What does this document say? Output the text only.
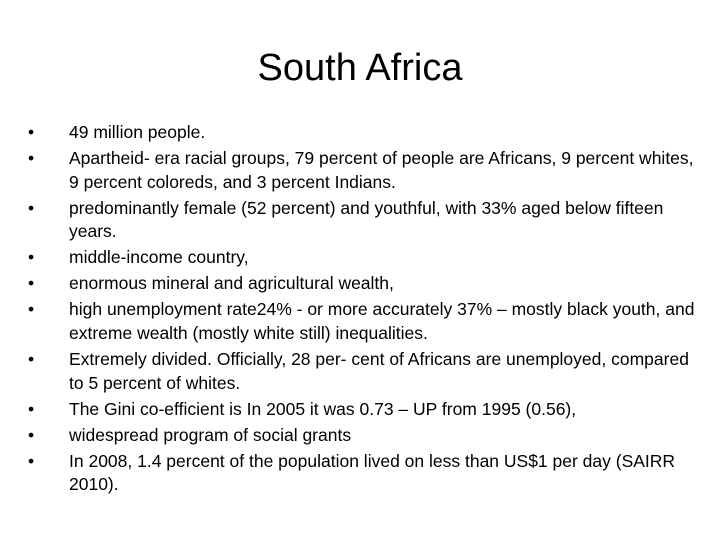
South Africa
•	49 million people.
•	Apartheid- era racial groups, 79 percent of people are Africans, 9 percent whites, 9 percent coloreds, and 3 percent Indians.
•	predominantly female (52 percent) and youthful, with 33% aged below fifteen years.
•	middle-income country,
•	enormous mineral and agricultural wealth,
•	high unemployment rate24% - or more accurately 37% – mostly black youth, and extreme wealth (mostly white still) inequalities.
•	Extremely divided. Officially, 28 per- cent of Africans are unemployed, compared to 5 percent of whites.
•	The Gini co-efficient is In 2005 it was 0.73 – UP from 1995 (0.56),
•	widespread program of social grants
•	In 2008, 1.4 percent of the population lived on less than US$1 per day (SAIRR 2010).
